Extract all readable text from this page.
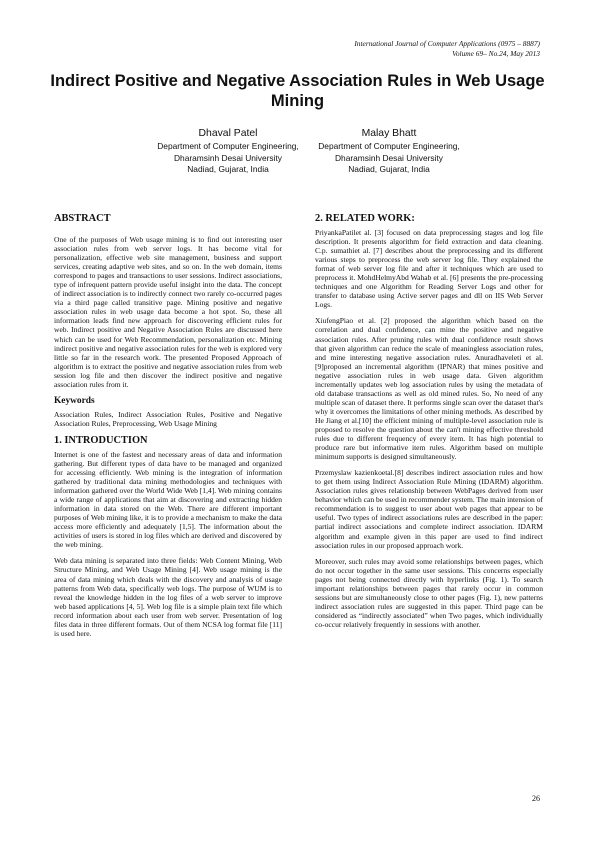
International Journal of Computer Applications (0975 – 8887)
Volume 69– No.24, May 2013
Indirect Positive and Negative Association Rules in Web Usage Mining
Dhaval Patel
Department of Computer Engineering,
Dharamsinh Desai University
Nadiad, Gujarat, India
Malay Bhatt
Department of Computer Engineering,
Dharamsinh Desai University
Nadiad, Gujarat, India
ABSTRACT

One of the purposes of Web usage mining is to find out interesting user association rules from web server logs. It has become vital for personalization, effective web site management, business and support services, creating adaptive web sites, and so on. In the web domain, items correspond to pages and transactions to user sessions. Indirect associations, type of infrequent pattern provide useful insight into the data. The concept of indirect association is to indirectly connect two rarely co-occurred pages via a third page called transitive page. Mining positive and negative association rules in web usage data become a hot spot. So, these all information leads find new approach for discovering efficient rules for web. Indirect positive and Negative Association Rules are discussed here which can be used for Web Recommendation, personalization etc. Mining indirect positive and negative association rules for the web is explored very little so far in the research work. The presented Proposed Approach of algorithm is to extract the positive and negative association rules from web session log file and then discover the indirect positive and negative association rules from it.

Keywords

Association Rules, Indirect Association Rules, Positive and Negative Association Rules, Preprocessing, Web Usage Mining

1. INTRODUCTION

Internet is one of the fastest and necessary areas of data and information gathering. But different types of data have to be managed and organized for accessing efficiently. Web mining is the integration of information gathered by traditional data mining methodologies and techniques with information gathered over the World Wide Web [1,4]. Web mining contains a wide range of applications that aim at discovering and extracting hidden information in data stored on the Web. There are different important purposes of Web mining like, it is to provide a mechanism to make the data access more efficiently and adequately [1,5]. The information about the activities of users is stored in log files which are derived and discovered by the web mining.

Web data mining is separated into three fields: Web Content Mining, Web Structure Mining, and Web Usage Mining [4]. Web usage mining is the area of data mining which deals with the discovery and analysis of usage patterns from Web data, specifically web logs. The purpose of WUM is to reveal the knowledge hidden in the log files of a web server to improve web based applications [4, 5]. Web log file is a simple plain text file which record information about each user from web server. Presentation of log files data in three different formats. Out of them NCSA log format file [11] is used here.

2. RELATED WORK:

PriyankaPatilet al. [3] focused on data preprocessing stages and log file description. It presents algorithm for field extraction and data cleaning. C.p. sumathiet al. [7] describes about the preprocessing and its different various steps to preprocess the web server log file. They explained the format of web server log file and after it techniques which are used to preprocess it. MohdHelmyAbd Wahab et al. [6] presents the pre-processing techniques and one Algorithm for Reading Server Logs and other for transfer to database using Active server pages and dll on IIS Web Server Logs.

XiufengPiao et al. [2] proposed the algorithm which based on the correlation and dual confidence, can mine the positive and negative association rules. After pruning rules with dual confidence result shows that given algorithm can reduce the scale of meaningless association rules, and mine interesting negative association rules. Anuradhaveleti et al.[9]proposed an incremental algorithm (IPNAR) that mines positive and negative association rules in web usage data. Given algorithm incrementally updates web log association rules by using the metadata of old database transactions as well as old mined rules. So, No need of any multiple scan of dataset there. It performs single scan over the dataset that's why it overcomes the limitations of other mining methods. As described by He Jiang et al.[10] the efficient mining of multiple-level association rule is proposed to resolve the question about the can't mining effective threshold rules due to different frequency of every item. It has high potential to produce rare but informative item rules. Algorithm based on multiple minimum supports is designed simultaneously.

Przemyslaw kazienkoetal.[8] describes indirect association rules and how to get them using Indirect Association Rule Mining (IDARM) algorithm. Association rules gives relationship between WebPages derived from user behavior which can be used in recommender system. The main intension of recommendation is to suggest to user about web pages that appear to be useful. Two types of indirect associations rules are described in the paper: partial indirect associations and complete indirect association. IDARM algorithm and example given in this paper are used to find indirect association rules in our proposed approach work.

Moreover, such rules may avoid some relationships between pages, which do not occur together in the same user sessions. This concerns especially pages not being connected directly with hyperlinks (Fig. 1). To search important relationships between pages that rarely occur in common sessions but are simultaneously close to other pages (Fig. 1), new patterns indirect association rules are suggested in this paper. Third page can be considered as “indirectly associated” when Two pages, which individually co-occur relatively frequently in sessions with another.

26
